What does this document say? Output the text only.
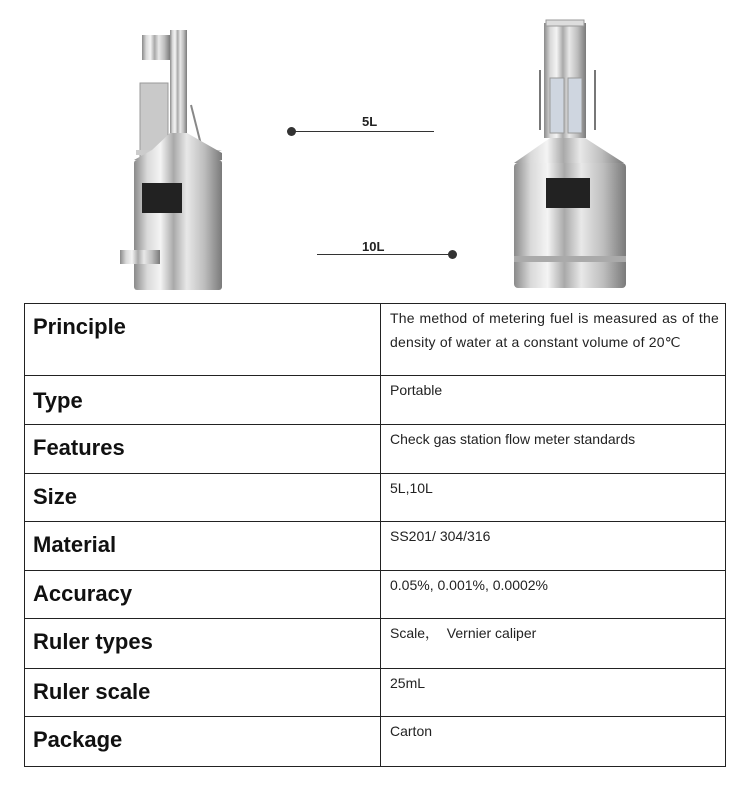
5L
10L
Principle	The method of metering fuel is measured as of the density of water at a constant volume of 20℃
Type	Portable
Features	Check gas station flow meter standards
Size	5L,10L
Material	SS201/ 304/316
Accuracy	0.05%, 0.001%, 0.0002%
Ruler types	Scale，  Vernier caliper
Ruler scale	25mL
Package	Carton
